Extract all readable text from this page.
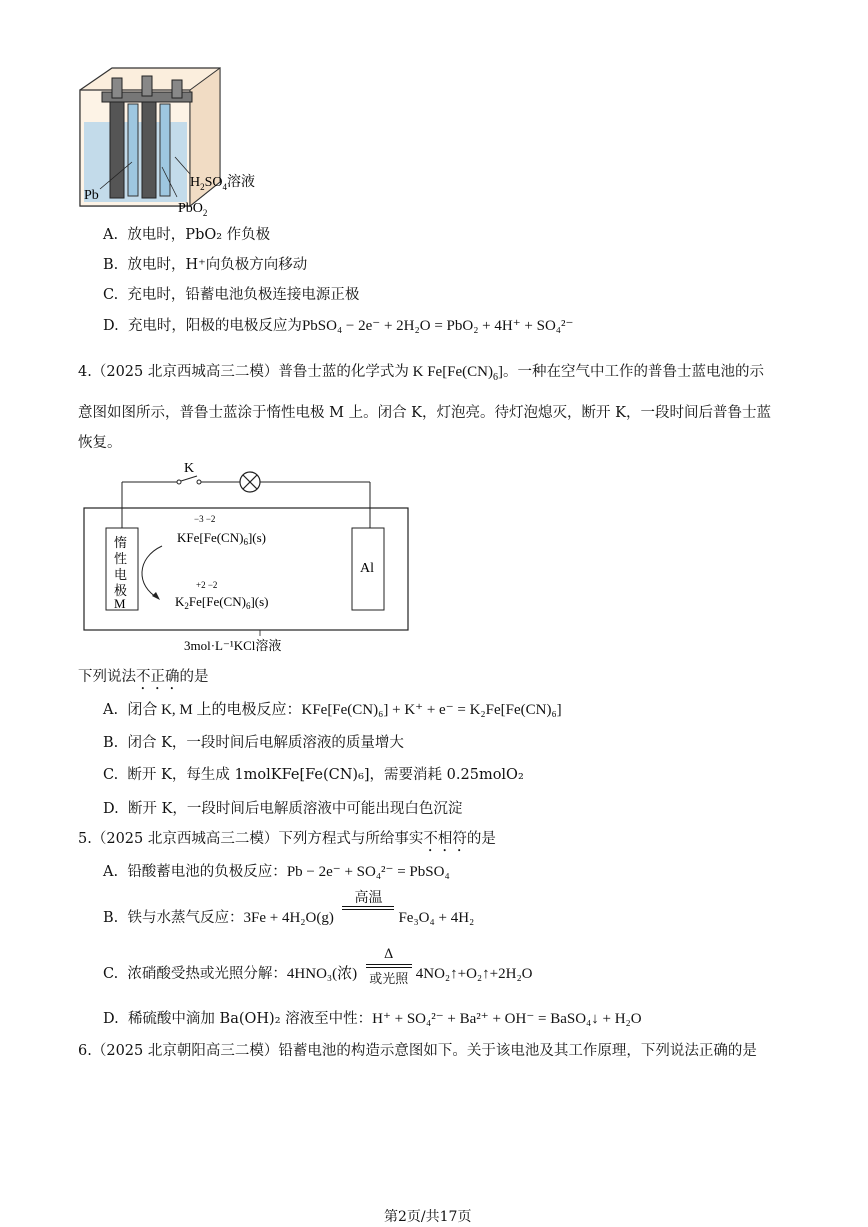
Pb
PbO$_2$
$H_2SO_4$溶液
A. 放电时，PbO₂ 作负极
B. 放电时，H⁺向负极方向移动
C. 充电时，铅蓄电池负极连接电源正极
D. 充电时，阳极的电极反应为PbSO₄ − 2e⁻ + 2H₂O = PbO₂ + 4H⁺ + SO₄²⁻
4.（2025 北京西城高三二模）普鲁士蓝的化学式为 K $Fe[Fe(CN)_6]$。一种在空气中工作的普鲁士蓝电池的示
意图如图所示，普鲁士蓝涂于惰性电极 M 上。闭合 K，灯泡亮。待灯泡熄灭，断开 K，一段时间后普鲁士蓝
恢复。
K
惰
性
电
极
M
Al
$KFe[Fe(CN)_6](s)$
−3 −2
$K_2Fe[Fe(CN)_6](s)$
+2 −2
3mol·L⁻¹KCl溶液
下列说法不正确的是
A. 闭合 K, M 上的电极反应：KFe[Fe(CN)₆] + K⁺ + e⁻ = K₂Fe[Fe(CN)₆]
B. 闭合 K，一段时间后电解质溶液的质量增大
C. 断开 K，每生成 1molKFe[Fe(CN)₆]，需要消耗 0.25molO₂
D. 断开 K，一段时间后电解质溶液中可能出现白色沉淀
5.（2025 北京西城高三二模）下列方程式与所给事实不相符的是
A. 铅酸蓄电池的负极反应：Pb − 2e⁻ + SO₄²⁻ = PbSO₄
B. 铁与水蒸气反应：3Fe + 4H₂O(g)
高温
Fe₃O₄ + 4H₂
C. 浓硝酸受热或光照分解：4HNO₃(浓)
Δ
或光照 4NO₂↑+O₂↑+2H₂O
D. 稀硫酸中滴加 Ba(OH)₂ 溶液至中性：H⁺ + SO₄²⁻ + Ba²⁺ + OH⁻ = BaSO₄↓ + H₂O
6.（2025 北京朝阳高三二模）铅蓄电池的构造示意图如下。关于该电池及其工作原理，下列说法正确的是
第2页/共17页
